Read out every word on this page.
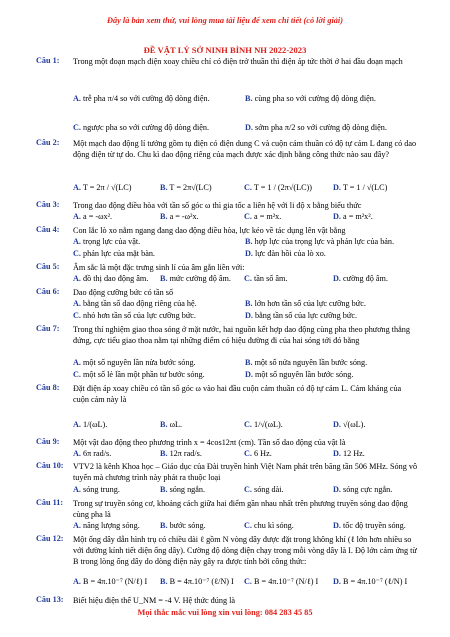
Đây là bản xem thử, vui lòng mua tài liệu để xem chi tiết (có lời giải)
ĐỀ VẬT LÝ SỞ NINH BÌNH NH 2022-2023
Câu 1: Trong một đoạn mạch điện xoay chiều chỉ có điện trở thuần thì điện áp tức thời ở hai đầu đoạn mạch
A. trễ pha π/4 so với cường độ dòng điện.	B. cùng pha so với cường độ dòng điện.
C. ngược pha so với cường độ dòng điện.	D. sớm pha π/2 so với cường độ dòng điện.
Câu 2: Một mạch dao động lí tưởng gồm tụ điện có điện dung C và cuộn cảm thuần có độ tự cảm L đang có dao động điện từ tự do. Chu kì dao động riêng của mạch được xác định bằng công thức nào sau đây?
A. T = 2π / √(LC)	B. T = 2π√(LC)	C. T = 1 / (2π√(LC))	D. T = 1 / √(LC)
Câu 3: Trong dao động điều hòa với tần số góc ω thì gia tốc a liên hệ với li độ x bằng biểu thức
A. a = -ωx².	B. a = -ω²x.	C. a = m²x.	D. a = m²x².
Câu 4: Con lắc lò xo nằm ngang đang dao động điều hòa, lực kéo về tác dụng lên vật bằng
A. trọng lực của vật.	B. hợp lực của trọng lực và phản lực của bản.
C. phản lực của mặt bàn.	D. lực đàn hồi của lò xo.
Câu 5: Âm sắc là một đặc trưng sinh lí của âm gắn liền với:
A. đồ thị dao động âm. B. mức cường độ âm. C. tần số âm.	D. cường độ âm.
Câu 6: Dao động cưỡng bức có tần số
A. bằng tần số dao động riêng của hệ.	B. lớn hơn tần số của lực cưỡng bức.
C. nhỏ hơn tần số của lực cưỡng bức.	D. bằng tần số của lực cưỡng bức.
Câu 7: Trong thí nghiệm giao thoa sóng ở mặt nước, hai nguồn kết hợp dao động cùng pha theo phương thẳng đứng, cực tiểu giao thoa nằm tại những điểm có hiệu đường đi của hai sóng tới đó bằng
A. một số nguyên lần nửa bước sóng.	B. một số nửa nguyên lần bước sóng.
C. một số lẻ lần một phần tư bước sóng.	D. một số nguyên lần bước sóng.
Câu 8: Đặt điện áp xoay chiều có tần số góc ω vào hai đầu cuộn cảm thuần có độ tự cảm L. Cảm kháng của cuộn cảm này là
A. 1/(ωL).	B. ωL.	C. 1/√(ωL).	D. √(ωL).
Câu 9: Một vật dao động theo phương trình x = 4cos12πt (cm). Tần số dao động của vật là
A. 6π rad/s.	B. 12π rad/s.	C. 6 Hz.	D. 12 Hz.
Câu 10: VTV2 là kênh Khoa học – Giáo dục của Đài truyền hình Việt Nam phát trên băng tần 506 MHz. Sóng vô tuyến mà chương trình này phát ra thuộc loại
A. sóng trung.	B. sóng ngắn.	C. sóng dài.	D. sóng cực ngắn.
Câu 11: Trong sự truyền sóng cơ, khoảng cách giữa hai điểm gần nhau nhất trên phương truyền sóng dao động cùng pha là
A. năng lượng sóng. B. bước sóng.	C. chu kì sóng.	D. tốc độ truyền sóng.
Câu 12: Một ống dây dẫn hình trụ có chiều dài ℓ gồm N vòng dây được đặt trong không khí (ℓ lớn hơn nhiều so với đường kính tiết diện ống dây). Cường độ dòng điện chạy trong mỗi vòng dây là I. Độ lớn cảm ứng từ B trong lòng ống dây do dòng điện này gây ra được tính bởi công thức:
A. B = 4π.10⁻⁷ (N/ℓ) I B. B = 4π.10⁻⁷ (ℓ/N) I C. B = 4π.10⁻⁷ (N/ℓ) I D. B = 4π.10⁻⁷ (ℓ/N) I
Câu 13: Biết hiệu điện thế U_NM = -4 V. Hệ thức đúng là
Mọi thắc mắc vui lòng xin vui lòng: 084 283 45 85
